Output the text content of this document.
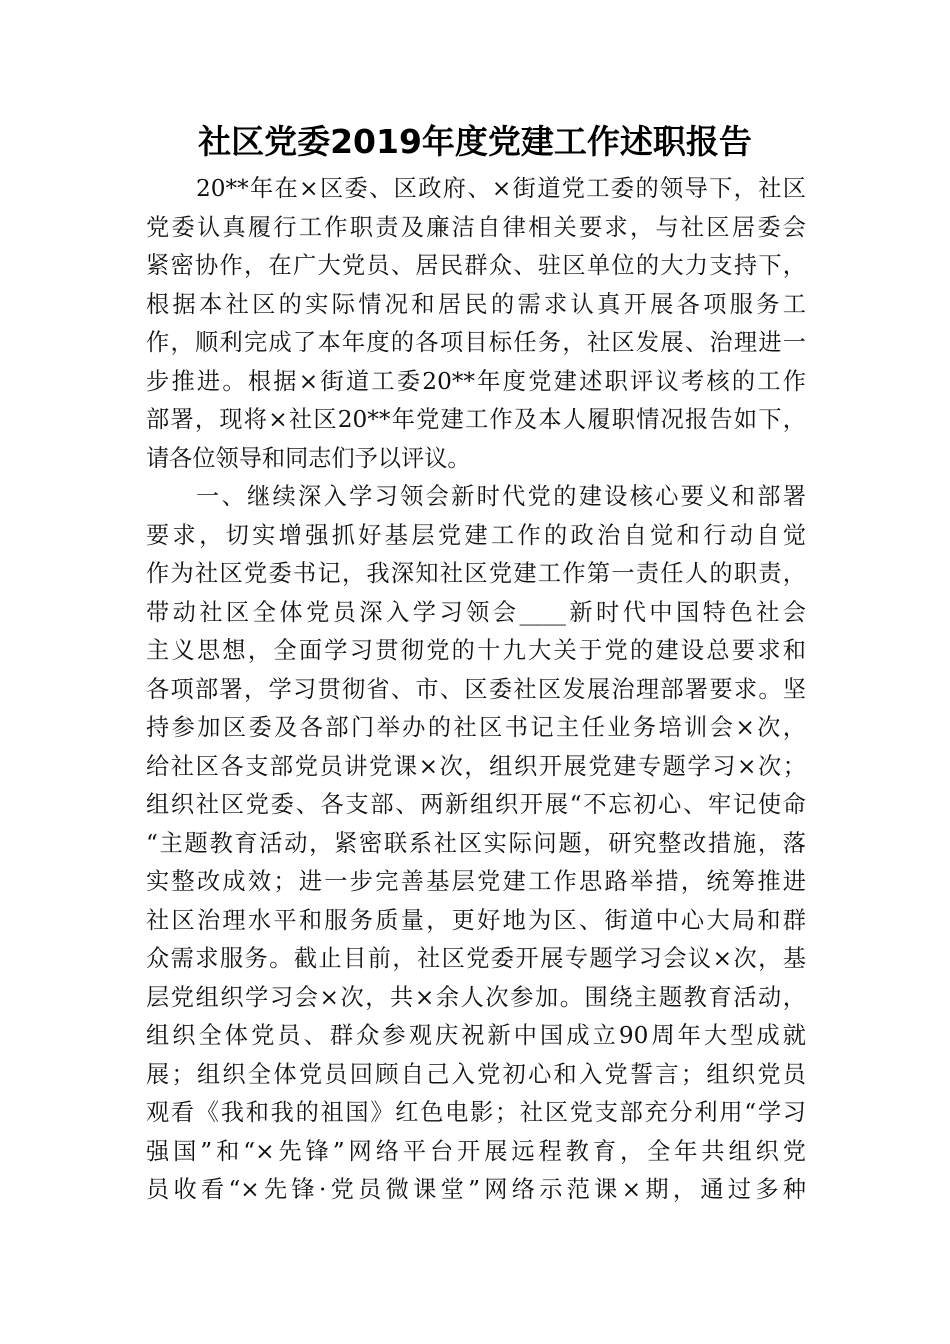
社区党委2019年度党建工作述职报告
20**年在×区委、区政府、×街道党工委的领导下，社区
党委认真履行工作职责及廉洁自律相关要求，与社区居委会
紧密协作，在广大党员、居民群众、驻区单位的大力支持下，
根据本社区的实际情况和居民的需求认真开展各项服务工
作，顺利完成了本年度的各项目标任务，社区发展、治理进一
步推进。根据×街道工委20**年度党建述职评议考核的工作
部署，现将×社区20**年党建工作及本人履职情况报告如下，
请各位领导和同志们予以评议。
一、继续深入学习领会新时代党的建设核心要义和部署
要求，切实增强抓好基层党建工作的政治自觉和行动自觉
作为社区党委书记，我深知社区党建工作第一责任人的职责，
带动社区全体党员深入学习领会____新时代中国特色社会
主义思想，全面学习贯彻党的十九大关于党的建设总要求和
各项部署，学习贯彻省、市、区委社区发展治理部署要求。坚
持参加区委及各部门举办的社区书记主任业务培训会×次，
给社区各支部党员讲党课×次，组织开展党建专题学习×次；
组织社区党委、各支部、两新组织开展“不忘初心、牢记使命
“主题教育活动，紧密联系社区实际问题，研究整改措施，落
实整改成效；进一步完善基层党建工作思路举措，统筹推进
社区治理水平和服务质量，更好地为区、街道中心大局和群
众需求服务。截止目前，社区党委开展专题学习会议×次，基
层党组织学习会×次，共×余人次参加。围绕主题教育活动，
组织全体党员、群众参观庆祝新中国成立90周年大型成就
展；组织全体党员回顾自己入党初心和入党誓言；组织党员
观看《我和我的祖国》红色电影；社区党支部充分利用“学习
强国”和“×先锋”网络平台开展远程教育，全年共组织党
员收看“×先锋·党员微课堂”网络示范课×期，通过多种
